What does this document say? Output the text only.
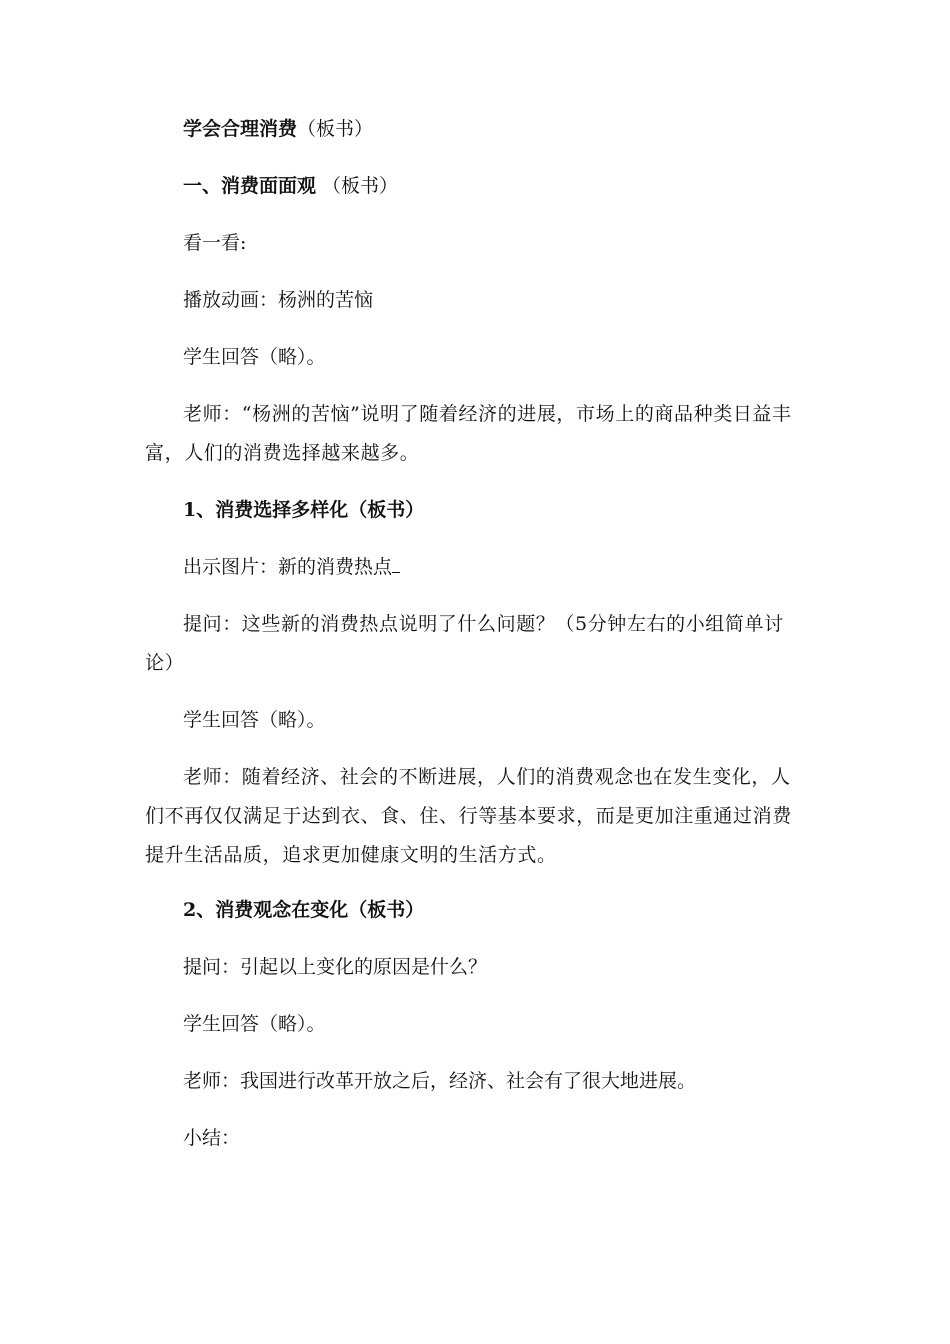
学会合理消费（板书）
一、消费面面观 （板书）
看一看:
播放动画：杨洲的苦恼
学生回答（略）。
老师：“杨洲的苦恼”说明了随着经济的进展，市场上的商品种类日益丰富，人们的消费选择越来越多。
1、消费选择多样化（板书）
出示图片：新的消费热点
提问：这些新的消费热点说明了什么问题？（5分钟左右的小组简单讨论）
学生回答（略）。
老师：随着经济、社会的不断进展，人们的消费观念也在发生变化，人们不再仅仅满足于达到衣、食、住、行等基本要求，而是更加注重通过消费提升生活品质，追求更加健康文明的生活方式。
2、消费观念在变化（板书）
提问：引起以上变化的原因是什么？
学生回答（略）。
老师：我国进行改革开放之后，经济、社会有了很大地进展。
小结：
